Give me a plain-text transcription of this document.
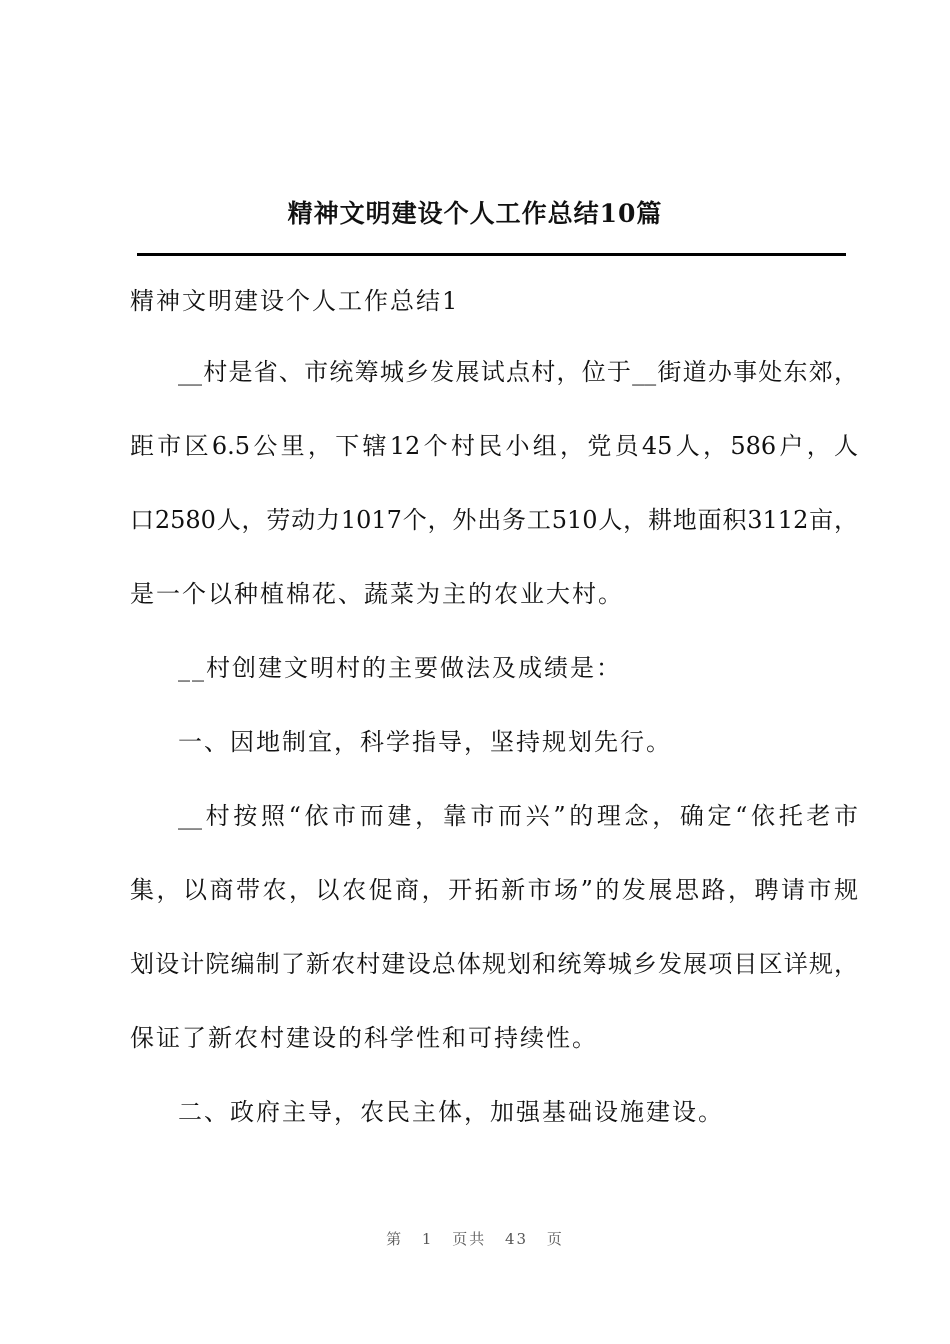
精神文明建设个人工作总结10篇
精神文明建设个人工作总结1
__村是省、市统筹城乡发展试点村，位于__街道办事处东郊，
距市区6.5公里，下辖12个村民小组，党员45人，586户，人
口2580人，劳动力1017个，外出务工510人，耕地面积3112亩，
是一个以种植棉花、蔬菜为主的农业大村。
__村创建文明村的主要做法及成绩是：
一、因地制宜，科学指导，坚持规划先行。
__村按照“依市而建，靠市而兴”的理念，确定“依托老市
集，以商带农，以农促商，开拓新市场”的发展思路，聘请市规
划设计院编制了新农村建设总体规划和统筹城乡发展项目区详规，
保证了新农村建设的科学性和可持续性。
二、政府主导，农民主体，加强基础设施建设。
第 1 页共 43 页
